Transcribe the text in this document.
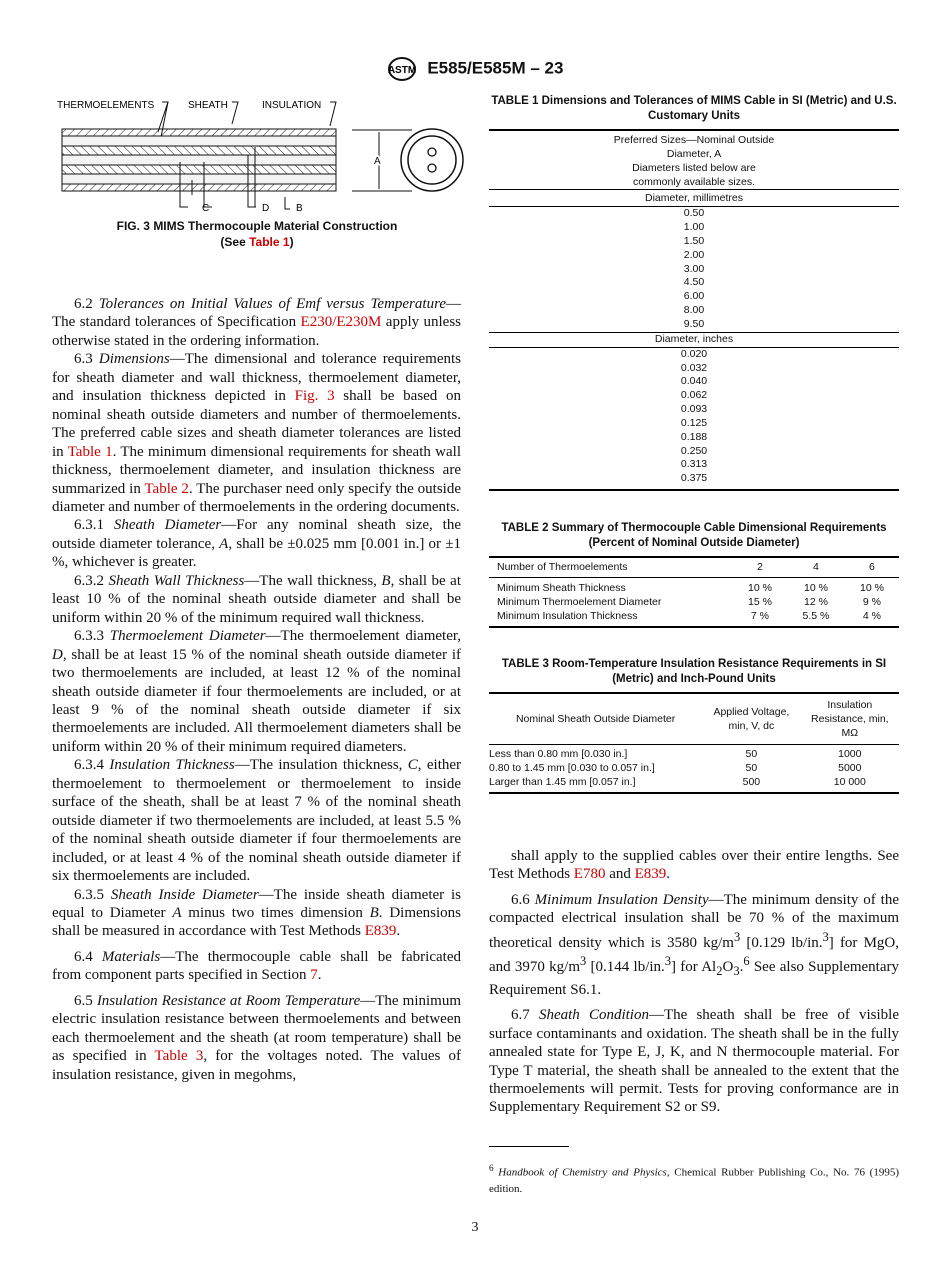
ASTM E585/E585M – 23
THERMOELEMENTS	SHEATH	INSULATION
C	D	B
A
FIG. 3 MIMS Thermocouple Material Construction
(See Table 1)

6.2 Tolerances on Initial Values of Emf versus Temperature—The standard tolerances of Specification E230/E230M apply unless otherwise stated in the ordering information.

6.3 Dimensions—The dimensional and tolerance requirements for sheath diameter and wall thickness, thermoelement diameter, and insulation thickness depicted in Fig. 3 shall be based on nominal sheath outside diameters and number of thermoelements. The preferred cable sizes and sheath diameter tolerances are listed in Table 1. The minimum dimensional requirements for sheath wall thickness, thermoelement diameter, and insulation thickness are summarized in Table 2. The purchaser need only specify the outside diameter and number of thermoelements in the ordering documents.

6.3.1 Sheath Diameter—For any nominal sheath size, the outside diameter tolerance, A, shall be ±0.025 mm [0.001 in.] or ±1 %, whichever is greater.

6.3.2 Sheath Wall Thickness—The wall thickness, B, shall be at least 10 % of the nominal sheath outside diameter and shall be uniform within 20 % of the minimum required wall thickness.

6.3.3 Thermoelement Diameter—The thermoelement diameter, D, shall be at least 15 % of the nominal sheath outside diameter if two thermoelements are included, at least 12 % of the nominal sheath outside diameter if four thermoelements are included, or at least 9 % of the nominal sheath outside diameter if six thermoelements are included. All thermoelement diameters shall be uniform within 20 % of their minimum required diameters.

6.3.4 Insulation Thickness—The insulation thickness, C, either thermoelement to thermoelement or thermoelement to inside surface of the sheath, shall be at least 7 % of the nominal sheath outside diameter if two thermoelements are included, at least 5.5 % of the nominal sheath outside diameter if four thermoelements are included, or at least 4 % of the nominal sheath outside diameter if six thermoelements are included.

6.3.5 Sheath Inside Diameter—The inside sheath diameter is equal to Diameter A minus two times dimension B. Dimensions shall be measured in accordance with Test Methods E839.

6.4 Materials—The thermocouple cable shall be fabricated from component parts specified in Section 7.

6.5 Insulation Resistance at Room Temperature—The minimum electric insulation resistance between thermoelements and between each thermoelement and the sheath (at room temperature) shall be as specified in Table 3, for the voltages noted. The values of insulation resistance, given in megohms,

shall apply to the supplied cables over their entire lengths. See Test Methods E780 and E839.

6.6 Minimum Insulation Density—The minimum density of the compacted electrical insulation shall be 70 % of the maximum theoretical density which is 3580 $kg/m^3$ [0.129 lb/in.$^3$] for MgO, and 3970 $kg/m^3$ [0.144 lb/in.$^3$] for $Al_2O_3.^6$ See also Supplementary Requirement S6.1.

6.7 Sheath Condition—The sheath shall be free of visible surface contaminants and oxidation. The sheath shall be in the fully annealed state for Type E, J, K, and N thermocouple material. For Type T material, the sheath shall be annealed to the extent that the thermoelements will permit. Tests for proving conformance are in Supplementary Requirement S2 or S9.

TABLE 1 Dimensions and Tolerances of MIMS Cable in SI (Metric) and U.S. Customary Units
Preferred Sizes—Nominal Outside
Diameter, A
Diameters listed below are
commonly available sizes.
Diameter, millimetres
0.50
1.00
1.50
2.00
3.00
4.50
6.00
8.00
9.50
Diameter, inches
0.020
0.032
0.040
0.062
0.093
0.125
0.188
0.250
0.313
0.375
TABLE 2 Summary of Thermocouple Cable Dimensional Requirements (Percent of Nominal Outside Diameter)
Number of Thermoelements	2	4	6
Minimum Sheath Thickness	10 %	10 %	10 %
Minimum Thermoelement Diameter	15 %	12 %	9 %
Minimum Insulation Thickness	7 %	5.5 %	4 %
TABLE 3 Room-Temperature Insulation Resistance Requirements in SI (Metric) and Inch-Pound Units
Nominal Sheath Outside Diameter	Applied Voltage, min, V, dc	Insulation Resistance, min, MΩ
Less than 0.80 mm [0.030 in.]	50	1000
0.80 to 1.45 mm [0.030 to 0.057 in.]	50	5000
Larger than 1.45 mm [0.057 in.]	500	10 000
$^6$ Handbook of Chemistry and Physics, Chemical Rubber Publishing Co., No. 76 (1995) edition.
3
